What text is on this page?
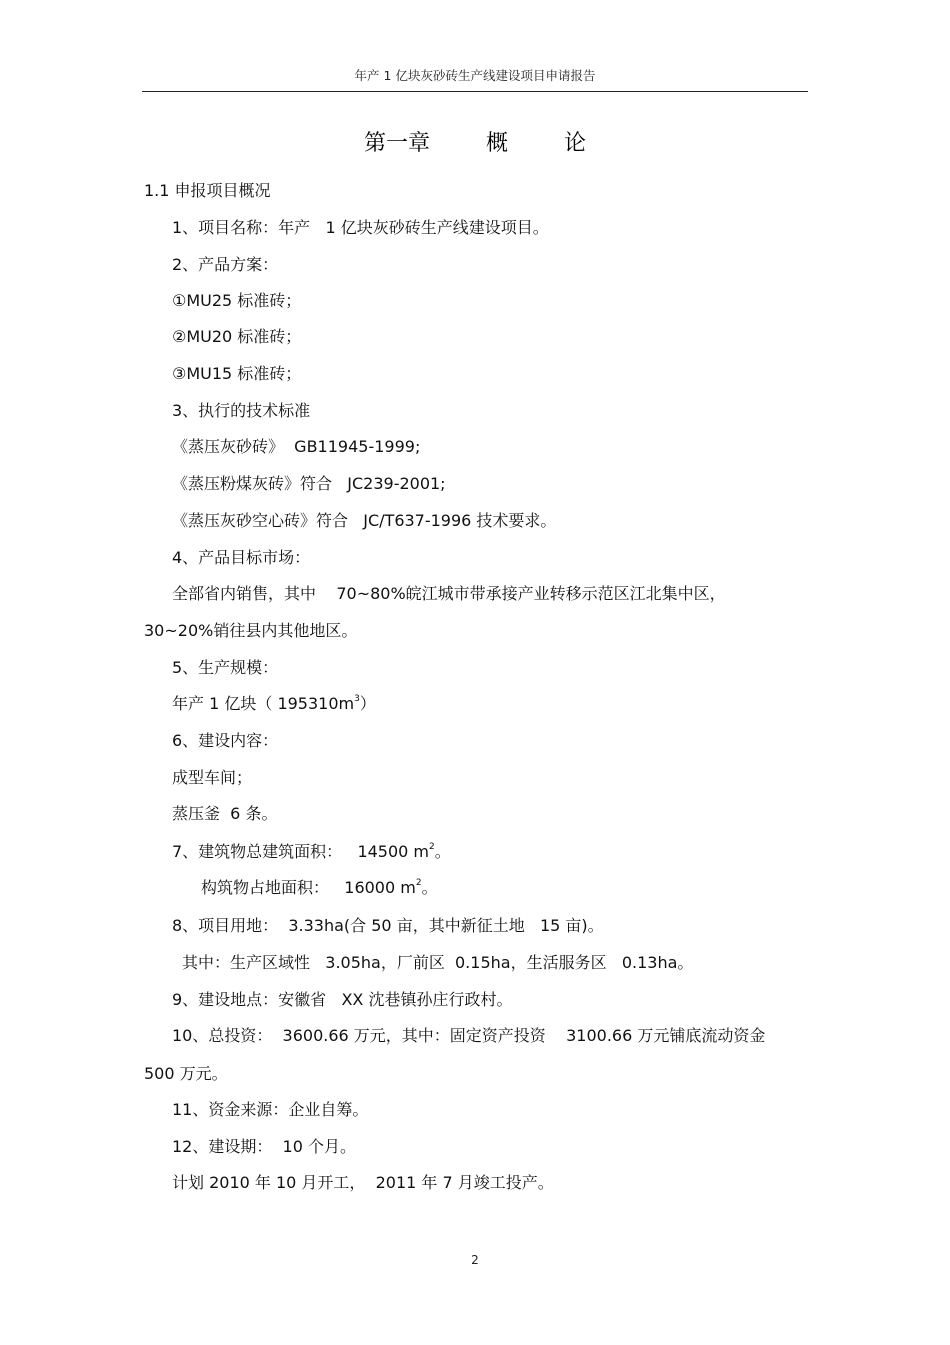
年产 1 亿块灰砂砖生产线建设项目申请报告
第一章        概        论
1.1 申报项目概况
1、项目名称：年产   1 亿块灰砂砖生产线建设项目。
2、产品方案：
①MU25 标准砖；
②MU20 标准砖；
③MU15 标准砖；
3、执行的技术标准
《蒸压灰砂砖》  GB11945-1999;
《蒸压粉煤灰砖》符合   JC239-2001;
《蒸压灰砂空心砖》符合   JC/T637-1996 技术要求。
4、产品目标市场：
全部省内销售，其中    70~80%皖江城市带承接产业转移示范区江北集中区，
30~20%销往县内其他地区。
5、生产规模：
年产 1 亿块（ $195310m^3$）
6、建设内容：
成型车间；
蒸压釜  6 条。
7、建筑物总建筑面积：   14500 $m^2$。
构筑物占地面积：   16000 $m^2$。
8、项目用地：  3.33ha(合 50 亩，其中新征土地   15 亩)。
其中：生产区域性   3.05ha，厂前区  0.15ha，生活服务区   0.13ha。
9、建设地点：安徽省   XX 沈巷镇孙庄行政村。
10、总投资：  3600.66 万元，其中：固定资产投资    3100.66 万元铺底流动资金
500 万元。
11、资金来源：企业自筹。
12、建设期：  10 个月。
计划 2010 年 10 月开工，  2011 年 7 月竣工投产。
2
